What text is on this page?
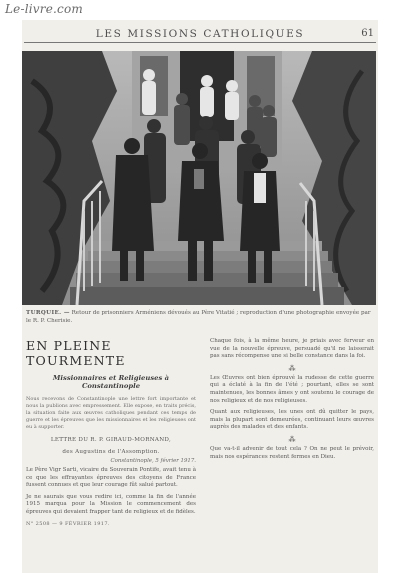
Le-livre.com
LES MISSIONS CATHOLIQUES	61
TURQUIE. — Retour de prisonniers Arméniens dévoués au Père Vitatié ; reproduction d'une photographie envoyée par le R. P. Cherisie.
EN PLEINE TOURMENTE
Missionnaires et Religieuses à Constantinople

Nous recevons de Constantinople une lettre fort importante et nous la publions avec empressement. Elle expose, en traits précis, la situation faite aux œuvres catholiques pendant ces temps de guerre et les épreuves que les missionnaires et les religieuses ont eu à supporter.

LETTRE DU R. P. GIRAUD-MORNAND,
des Augustins de l'Assomption.
Constantinople, 5 février 1917.

Le Père Vigr Sarti, vicaire du Souverain Pontife, avait tenu à ce que les effrayantes épreuves des citoyens de France fussent connues et que leur courage fût salué partout.

Je ne saurais que vous redire ici, comme la fin de l'année 1915 marqua pour la Mission le commencement des épreuves qui devaient frapper tant de religieux et de fidèles.

N° 2508 — 9 FÉVRIER 1917.

Chaque fois, à la même heure, je priais avec ferveur en vue de la nouvelle épreuve, persuadé qu'il ne laisserait pas sans récompense une si belle constance dans la foi.

⁂

Les Œuvres ont bien éprouvé la rudesse de cette guerre qui a éclaté à la fin de l'été ; pourtant, elles se sont maintenues, les bonnes âmes y ont soutenu le courage de nos religieux et de nos religieuses.

Quant aux religieuses, les unes ont dû quitter le pays, mais la plupart sont demeurées, continuant leurs œuvres auprès des malades et des enfants.

⁂

Que va-t-il advenir de tout cela ? On ne peut le prévoir, mais nos espérances restent fermes en Dieu.
